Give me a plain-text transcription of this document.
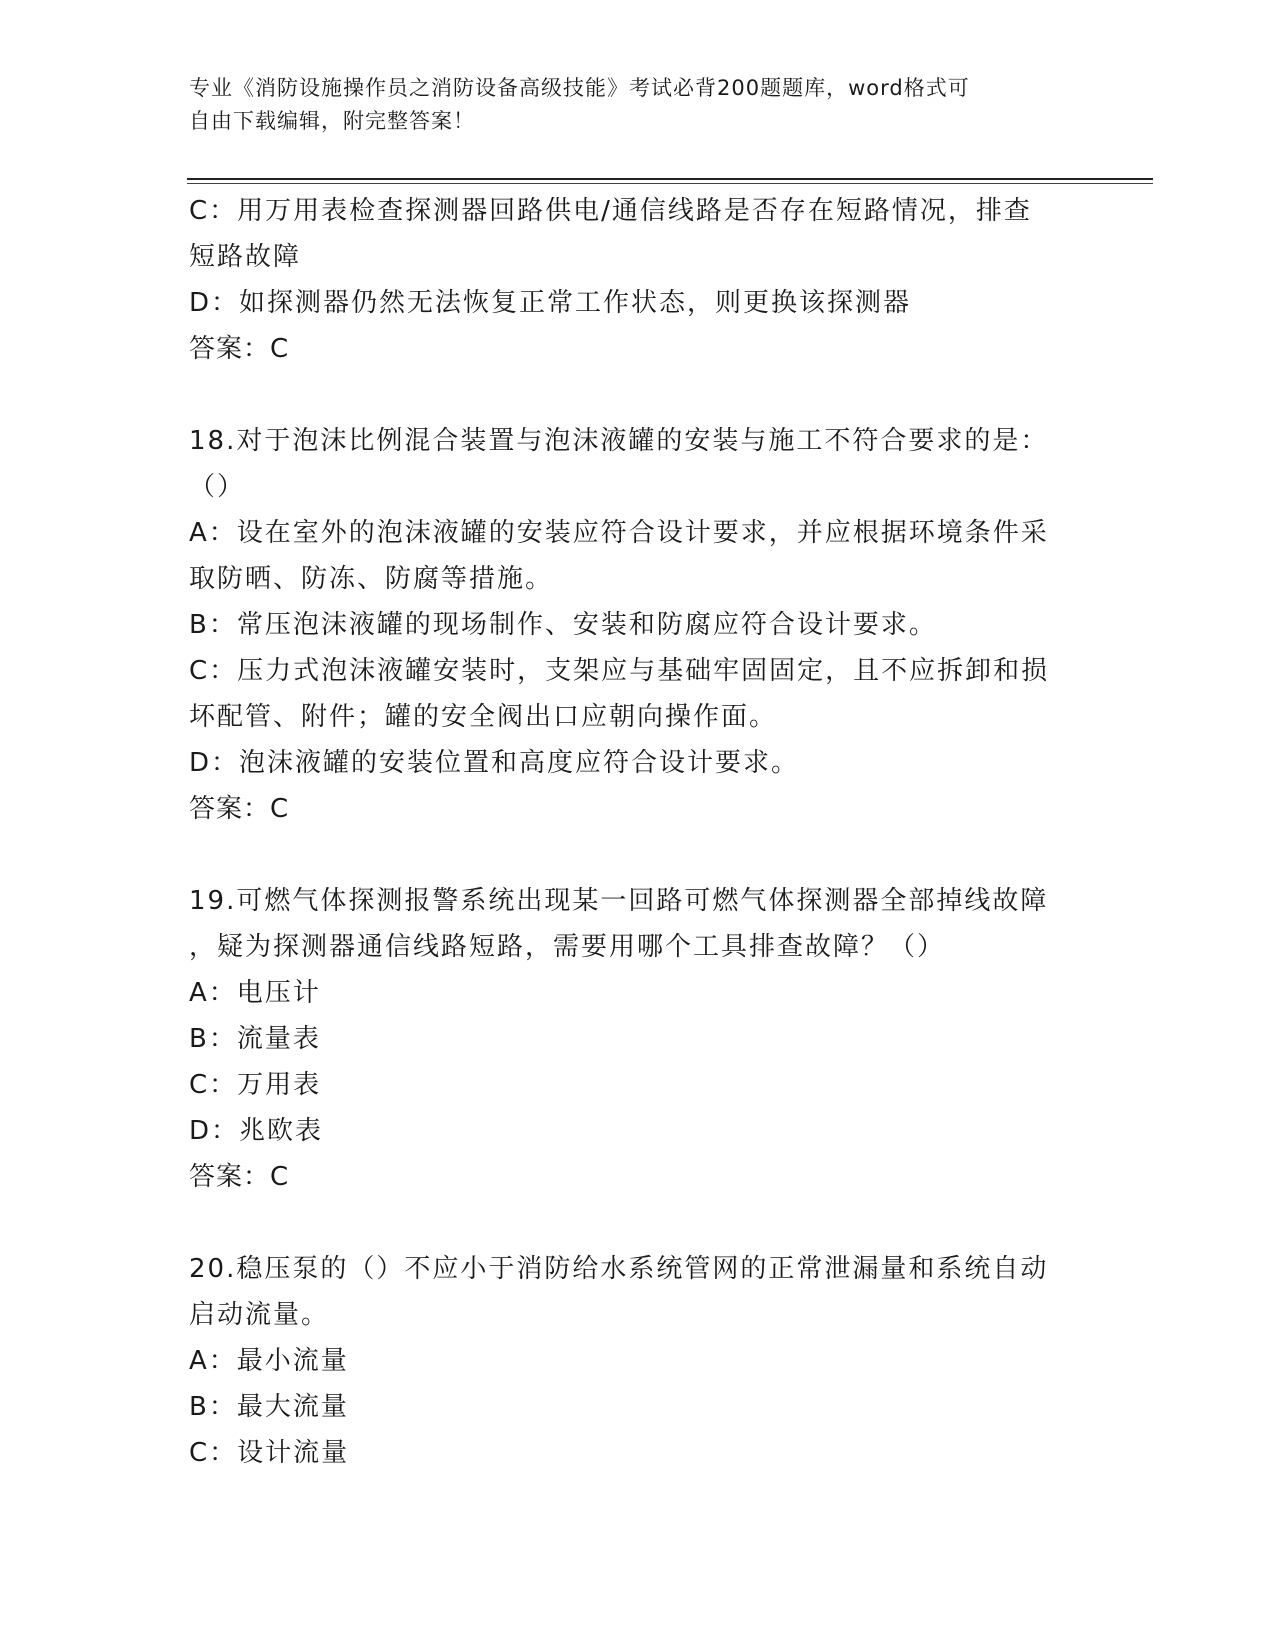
专业《消防设施操作员之消防设备高级技能》考试必背200题题库，word格式可
自由下载编辑，附完整答案！
C：用万用表检查探测器回路供电/通信线路是否存在短路情况，排查
短路故障
D：如探测器仍然无法恢复正常工作状态，则更换该探测器
答案：C
18.对于泡沫比例混合装置与泡沫液罐的安装与施工不符合要求的是：
（）
A：设在室外的泡沫液罐的安装应符合设计要求，并应根据环境条件采
取防晒、防冻、防腐等措施。
B：常压泡沫液罐的现场制作、安装和防腐应符合设计要求。
C：压力式泡沫液罐安装时，支架应与基础牢固固定，且不应拆卸和损
坏配管、附件；罐的安全阀出口应朝向操作面。
D：泡沫液罐的安装位置和高度应符合设计要求。
答案：C
19.可燃气体探测报警系统出现某一回路可燃气体探测器全部掉线故障
，疑为探测器通信线路短路，需要用哪个工具排查故障？（）
A：电压计
B：流量表
C：万用表
D：兆欧表
答案：C
20.稳压泵的（）不应小于消防给水系统管网的正常泄漏量和系统自动
启动流量。
A：最小流量
B：最大流量
C：设计流量
